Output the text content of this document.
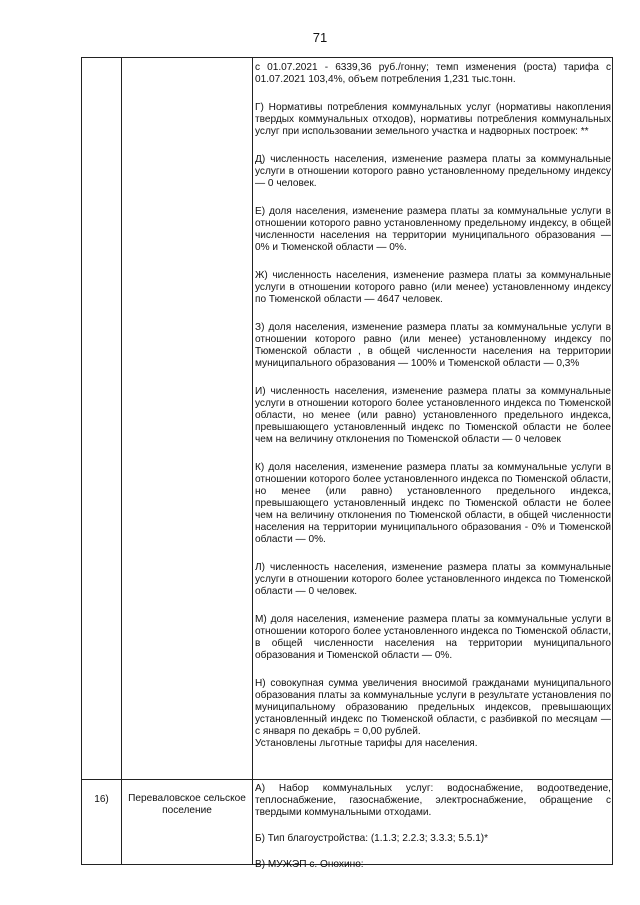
71

с 01.07.2021 - 6339,36 руб./гонну; темп изменения (роста) тарифа с 01.07.2021 103,4%, объем потребления 1,231 тыс.тонн.

Г) Нормативы потребления коммунальных услуг (нормативы накопления твердых коммунальных отходов), нормативы потребления коммунальных услуг при использовании земельного участка и надворных построек: **

Д) численность населения, изменение размера платы за коммунальные услуги в отношении которого равно установленному предельному индексу — 0 человек.

Е) доля населения, изменение размера платы за коммунальные услуги в отношении которого равно установленному предельному индексу, в общей численности населения на территории муниципального образования — 0% и Тюменской области — 0%.

Ж) численность населения, изменение размера платы за коммунальные услуги в отношении которого равно (или менее) установленному индексу по Тюменской области — 4647 человек.

З) доля населения, изменение размера платы за коммунальные услуги в отношении которого равно (или менее) установленному индексу по Тюменской области , в общей численности населения на территории муниципального образования — 100% и Тюменской области — 0,3%

И) численность населения, изменение размера платы за коммунальные услуги в отношении которого более установленного индекса по Тюменской области, но менее (или равно) установленного предельного индекса, превышающего установленный индекс по Тюменской области не более чем на величину отклонения по Тюменской области — 0 человек

К) доля населения, изменение размера платы за коммунальные услуги в отношении которого более установленного индекса по Тюменской области, но менее (или равно) установленного предельного индекса, превышающего установленный индекс по Тюменской области не более чем на величину отклонения по Тюменской области, в общей численности населения на территории муниципального образования - 0% и Тюменской области — 0%.

Л) численность населения, изменение размера платы за коммунальные услуги в отношении которого более установленного индекса по Тюменской области — 0 человек.

М) доля населения, изменение размера платы за коммунальные услуги в отношении которого более установленного индекса по Тюменской области, в общей численности населения на территории муниципального образования и Тюменской области — 0%.

Н) совокупная сумма увеличения вносимой гражданами муниципального образования платы за коммунальные услуги в результате установления по муниципальному образованию предельных индексов, превышающих установленный индекс по Тюменской области, с разбивкой по месяцам — с января по декабрь = 0,00 рублей.

Установлены льготные тарифы для населения.

16)	Переваловское сельское поселение

А) Набор коммунальных услуг: водоснабжение, водоотведение, теплоснабжение, газоснабжение, электроснабжение, обращение с твердыми коммунальными отходами.

Б) Тип благоустройства: (1.1.3; 2.2.3; 3.3.3; 5.5.1)*

В) МУЖЭП с. Онохино:
